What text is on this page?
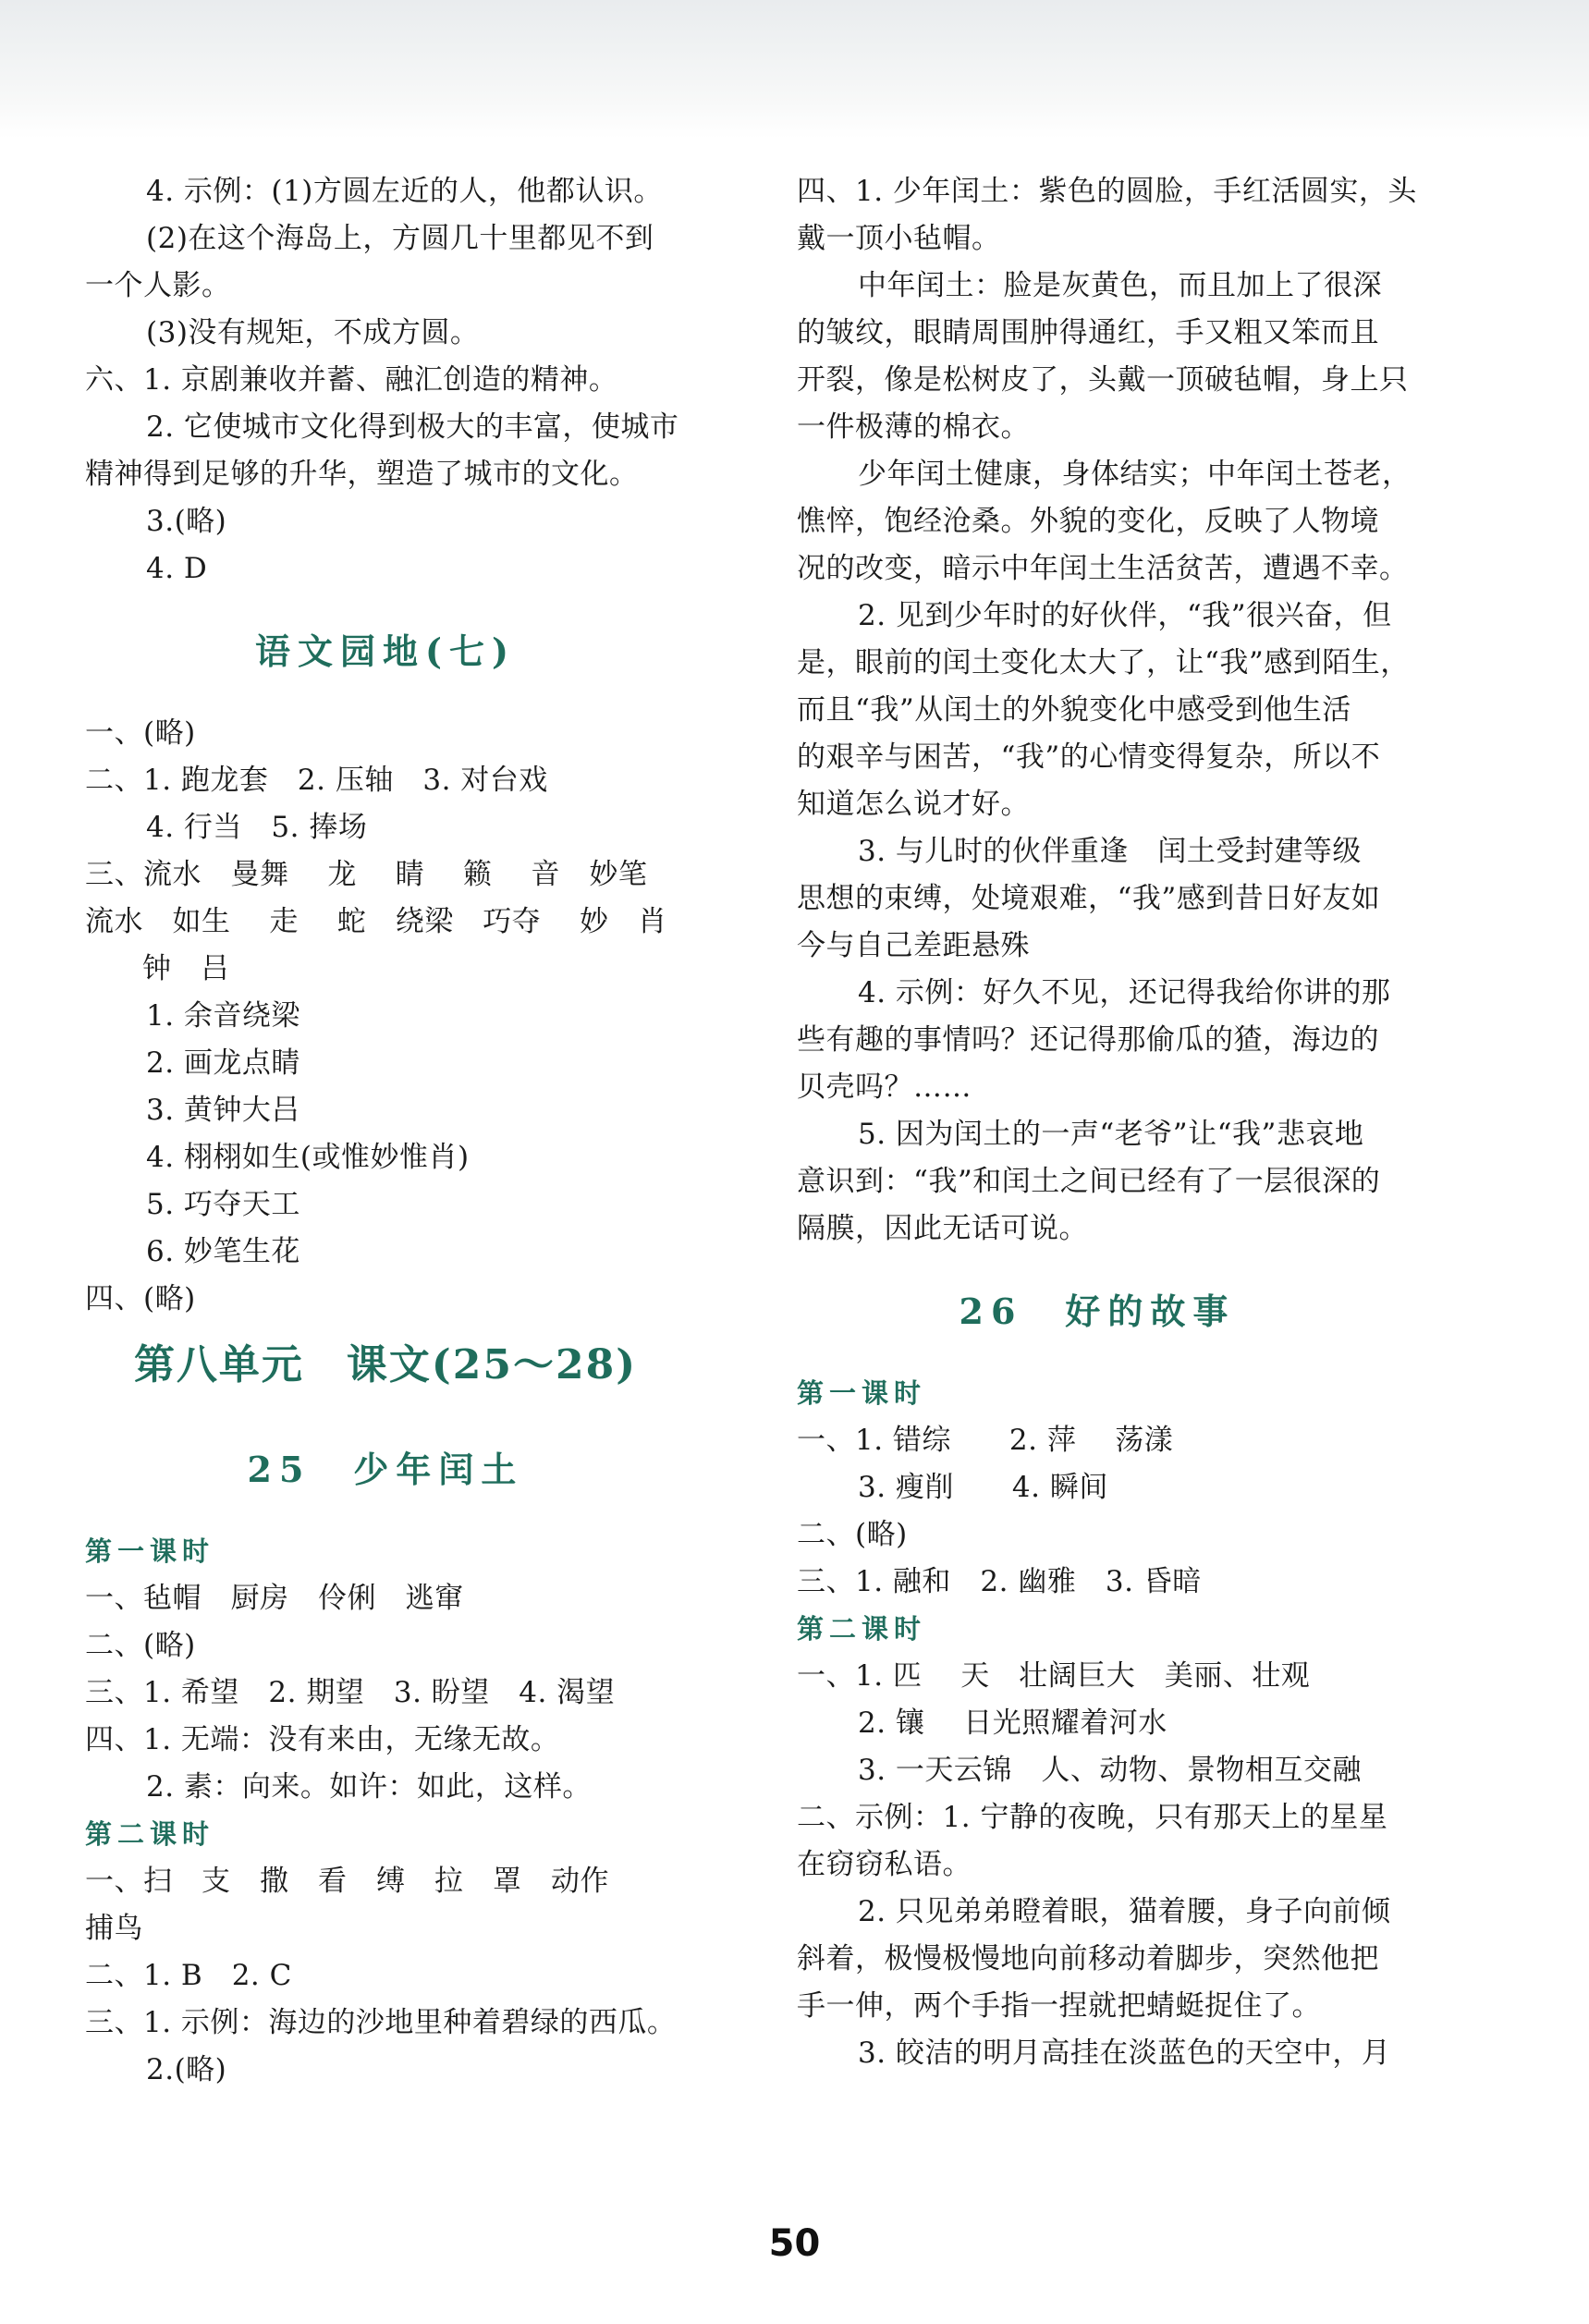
4. 示例：(1)方圆左近的人，他都认识。
(2)在这个海岛上，方圆几十里都见不到
一个人影。
(3)没有规矩，不成方圆。
六、1. 京剧兼收并蓄、融汇创造的精神。
2. 它使城市文化得到极大的丰富，使城市
精神得到足够的升华，塑造了城市的文化。
3.(略)
4. D
语文园地(七)
一、(略)
二、1. 跑龙套　2. 压轴　3. 对台戏
4. 行当　5. 捧场
三、流水　曼舞　 龙　 睛　 籁　 音　妙笔
流水　如生　 走　 蛇　绕梁　巧夺　 妙　肖
钟　吕
1. 余音绕梁
2. 画龙点睛
3. 黄钟大吕
4. 栩栩如生(或惟妙惟肖)
5. 巧夺天工
6. 妙笔生花
四、(略)
第八单元　课文(25～28)
25　少年闰土
第一课时
一、毡帽　厨房　伶俐　逃窜
二、(略)
三、1. 希望　2. 期望　3. 盼望　4. 渴望
四、1. 无端：没有来由，无缘无故。
2. 素：向来。如许：如此，这样。
第二课时
一、扫　支　撒　看　缚　拉　罩　动作
捕鸟
二、1. B　2. C
三、1. 示例：海边的沙地里种着碧绿的西瓜。
2.(略)
四、1. 少年闰土：紫色的圆脸，手红活圆实，头
戴一顶小毡帽。
中年闰土：脸是灰黄色，而且加上了很深
的皱纹，眼睛周围肿得通红，手又粗又笨而且
开裂，像是松树皮了，头戴一顶破毡帽，身上只
一件极薄的棉衣。
少年闰土健康，身体结实；中年闰土苍老，
憔悴，饱经沧桑。外貌的变化，反映了人物境
况的改变，暗示中年闰土生活贫苦，遭遇不幸。
2. 见到少年时的好伙伴，“我”很兴奋，但
是，眼前的闰土变化太大了，让“我”感到陌生，
而且“我”从闰土的外貌变化中感受到他生活
的艰辛与困苦，“我”的心情变得复杂，所以不
知道怎么说才好。
3. 与儿时的伙伴重逢　闰土受封建等级
思想的束缚，处境艰难，“我”感到昔日好友如
今与自己差距悬殊
4. 示例：好久不见，还记得我给你讲的那
些有趣的事情吗？还记得那偷瓜的猹，海边的
贝壳吗？……
5. 因为闰土的一声“老爷”让“我”悲哀地
意识到：“我”和闰土之间已经有了一层很深的
隔膜，因此无话可说。
26　好的故事
第一课时
一、1. 错综　　2. 萍　 荡漾
3. 瘦削　　4. 瞬间
二、(略)
三、1. 融和　2. 幽雅　3. 昏暗
第二课时
一、1. 匹　 天　壮阔巨大　美丽、壮观
2. 镶　 日光照耀着河水
3. 一天云锦　人、动物、景物相互交融
二、示例：1. 宁静的夜晚，只有那天上的星星
在窃窃私语。
2. 只见弟弟瞪着眼，猫着腰，身子向前倾
斜着，极慢极慢地向前移动着脚步，突然他把
手一伸，两个手指一捏就把蜻蜓捉住了。
3. 皎洁的明月高挂在淡蓝色的天空中，月
50
